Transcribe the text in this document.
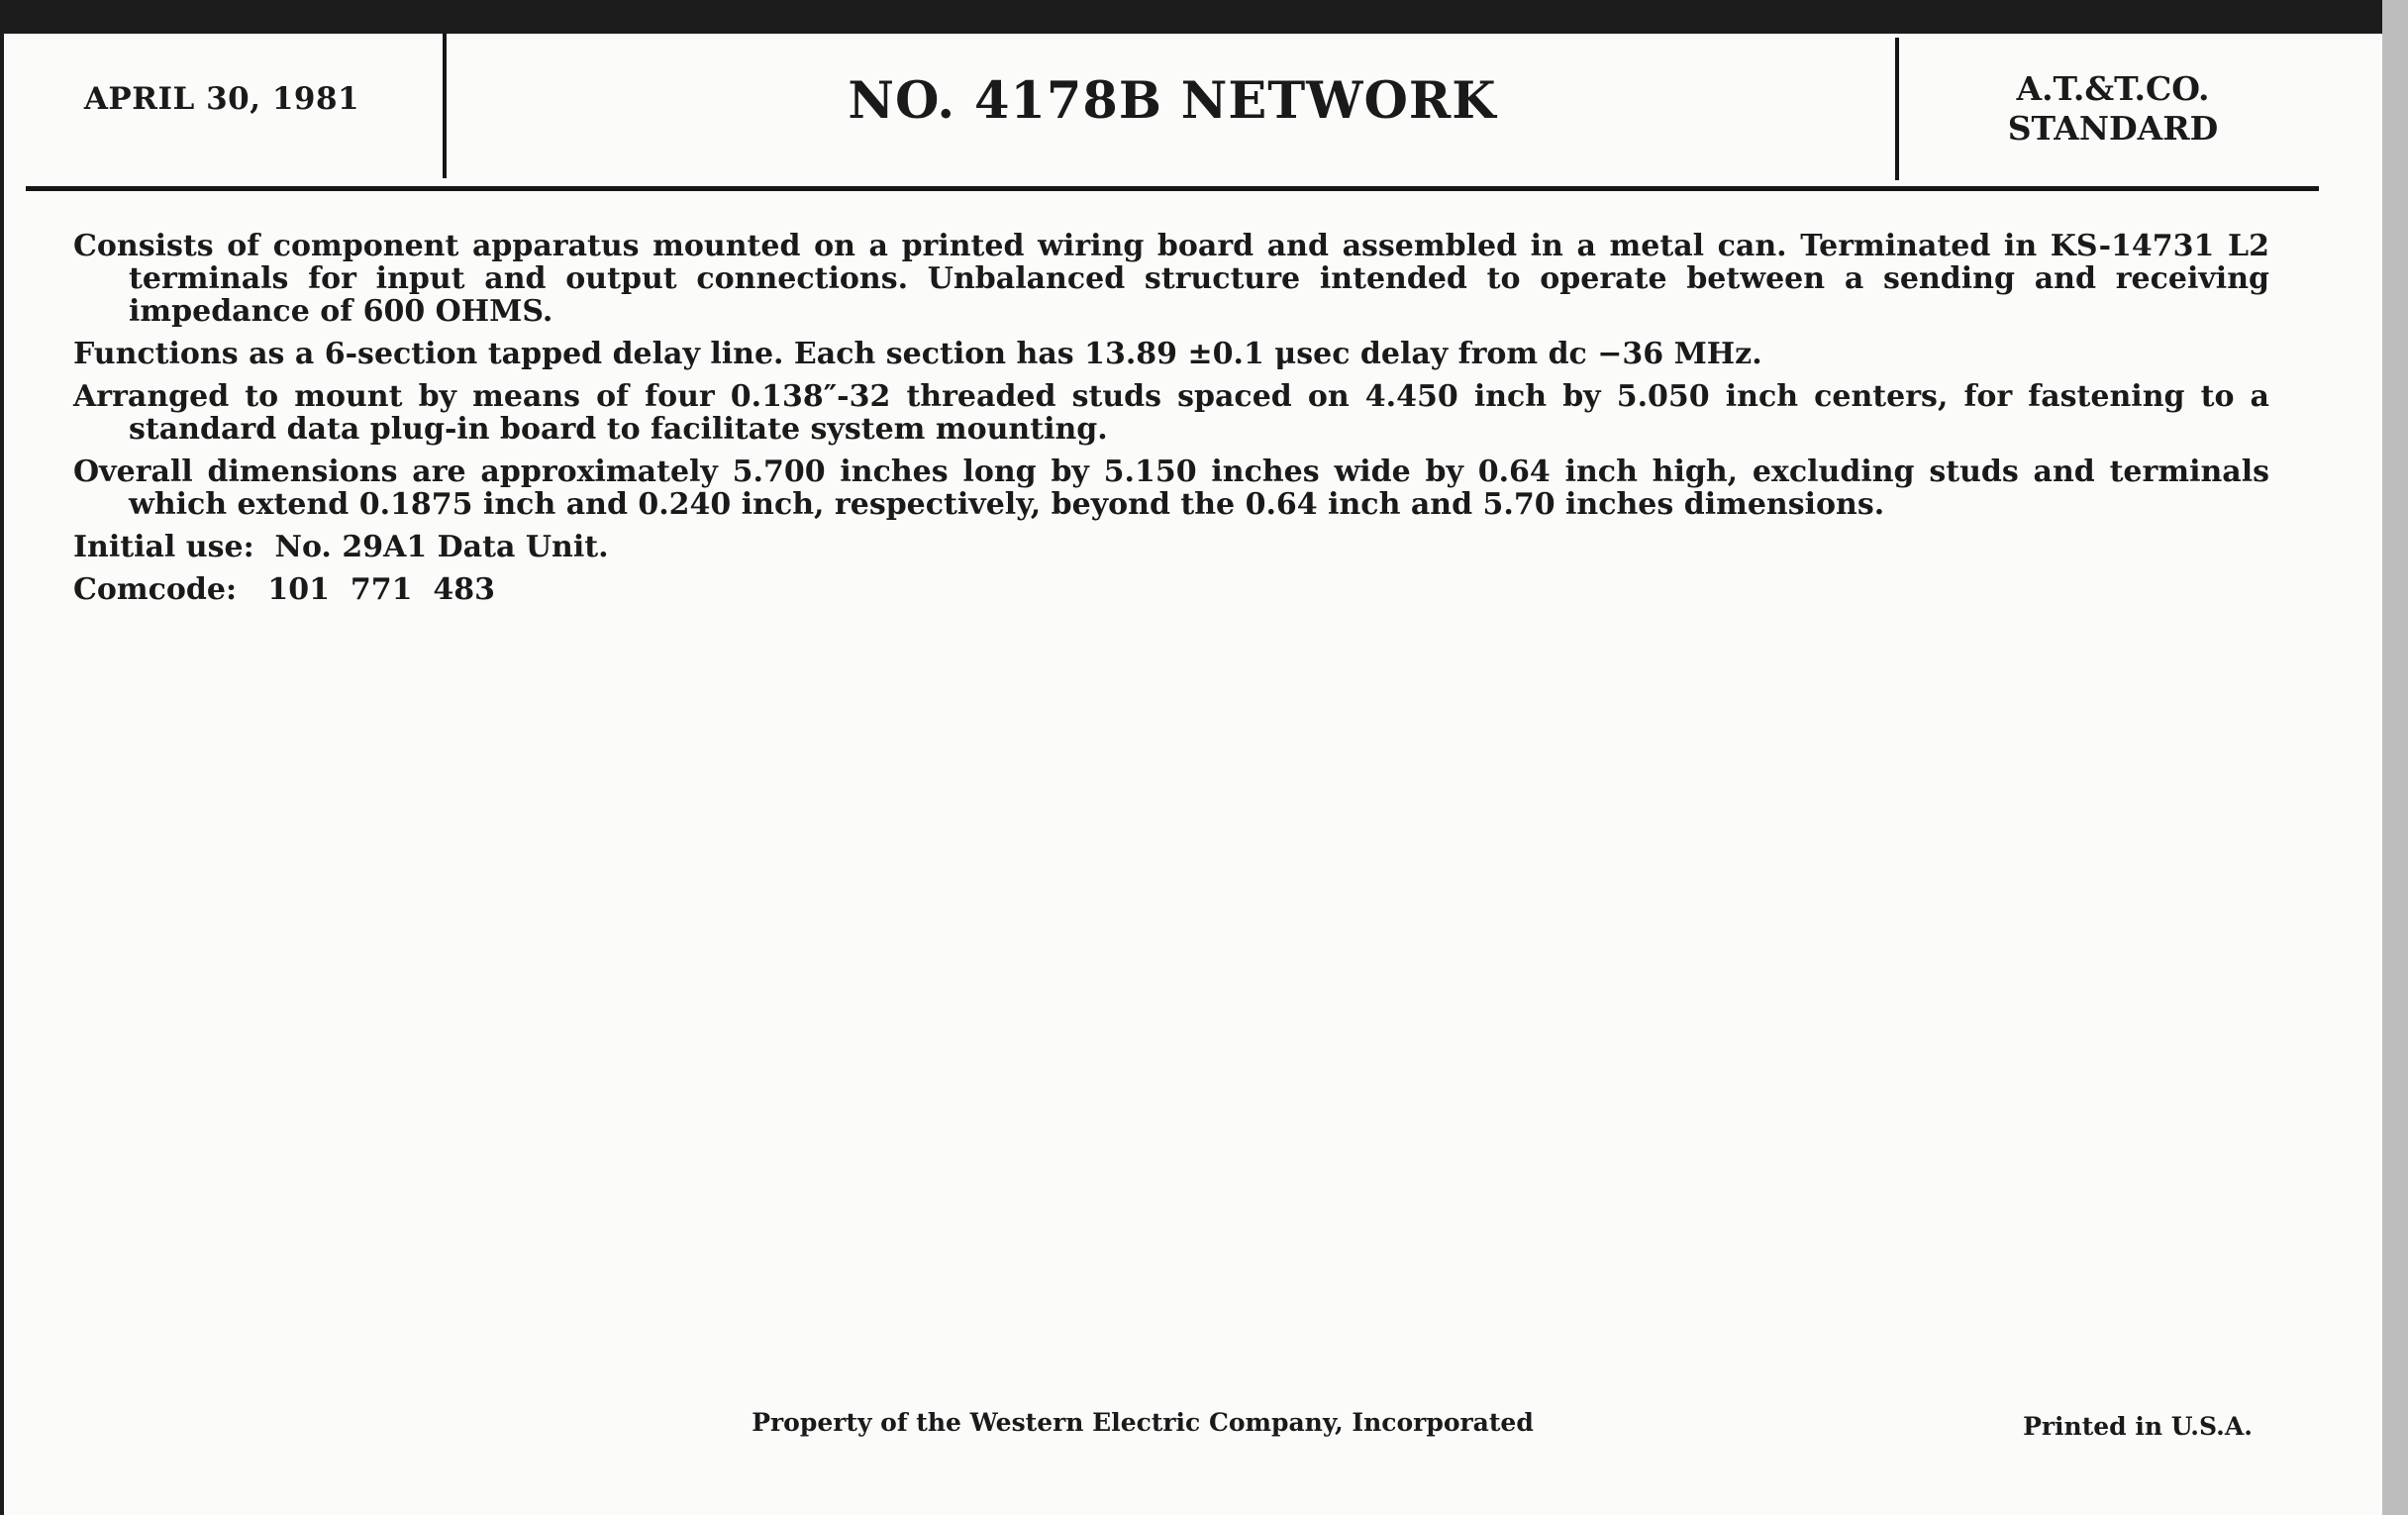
APRIL 30, 1981	NO. 4178B NETWORK	A.T.&T.CO.
STANDARD

Consists of component apparatus mounted on a printed wiring board and assembled in a metal can. Terminated in KS-14731 L2 terminals for input and output connections. Unbalanced structure intended to operate between a sending and receiving impedance of 600 OHMS.

Functions as a 6-section tapped delay line. Each section has 13.89 ±0.1 μsec delay from dc −36 MHz.

Arranged to mount by means of four 0.138″-32 threaded studs spaced on 4.450 inch by 5.050 inch centers, for fastening to a standard data plug-in board to facilitate system mounting.

Overall dimensions are approximately 5.700 inches long by 5.150 inches wide by 0.64 inch high, excluding studs and terminals which extend 0.1875 inch and 0.240 inch, respectively, beyond the 0.64 inch and 5.70 inches dimensions.

Initial use:  No. 29A1 Data Unit.
Comcode:   101  771  483
Property of the Western Electric Company, Incorporated	Printed in U.S.A.
